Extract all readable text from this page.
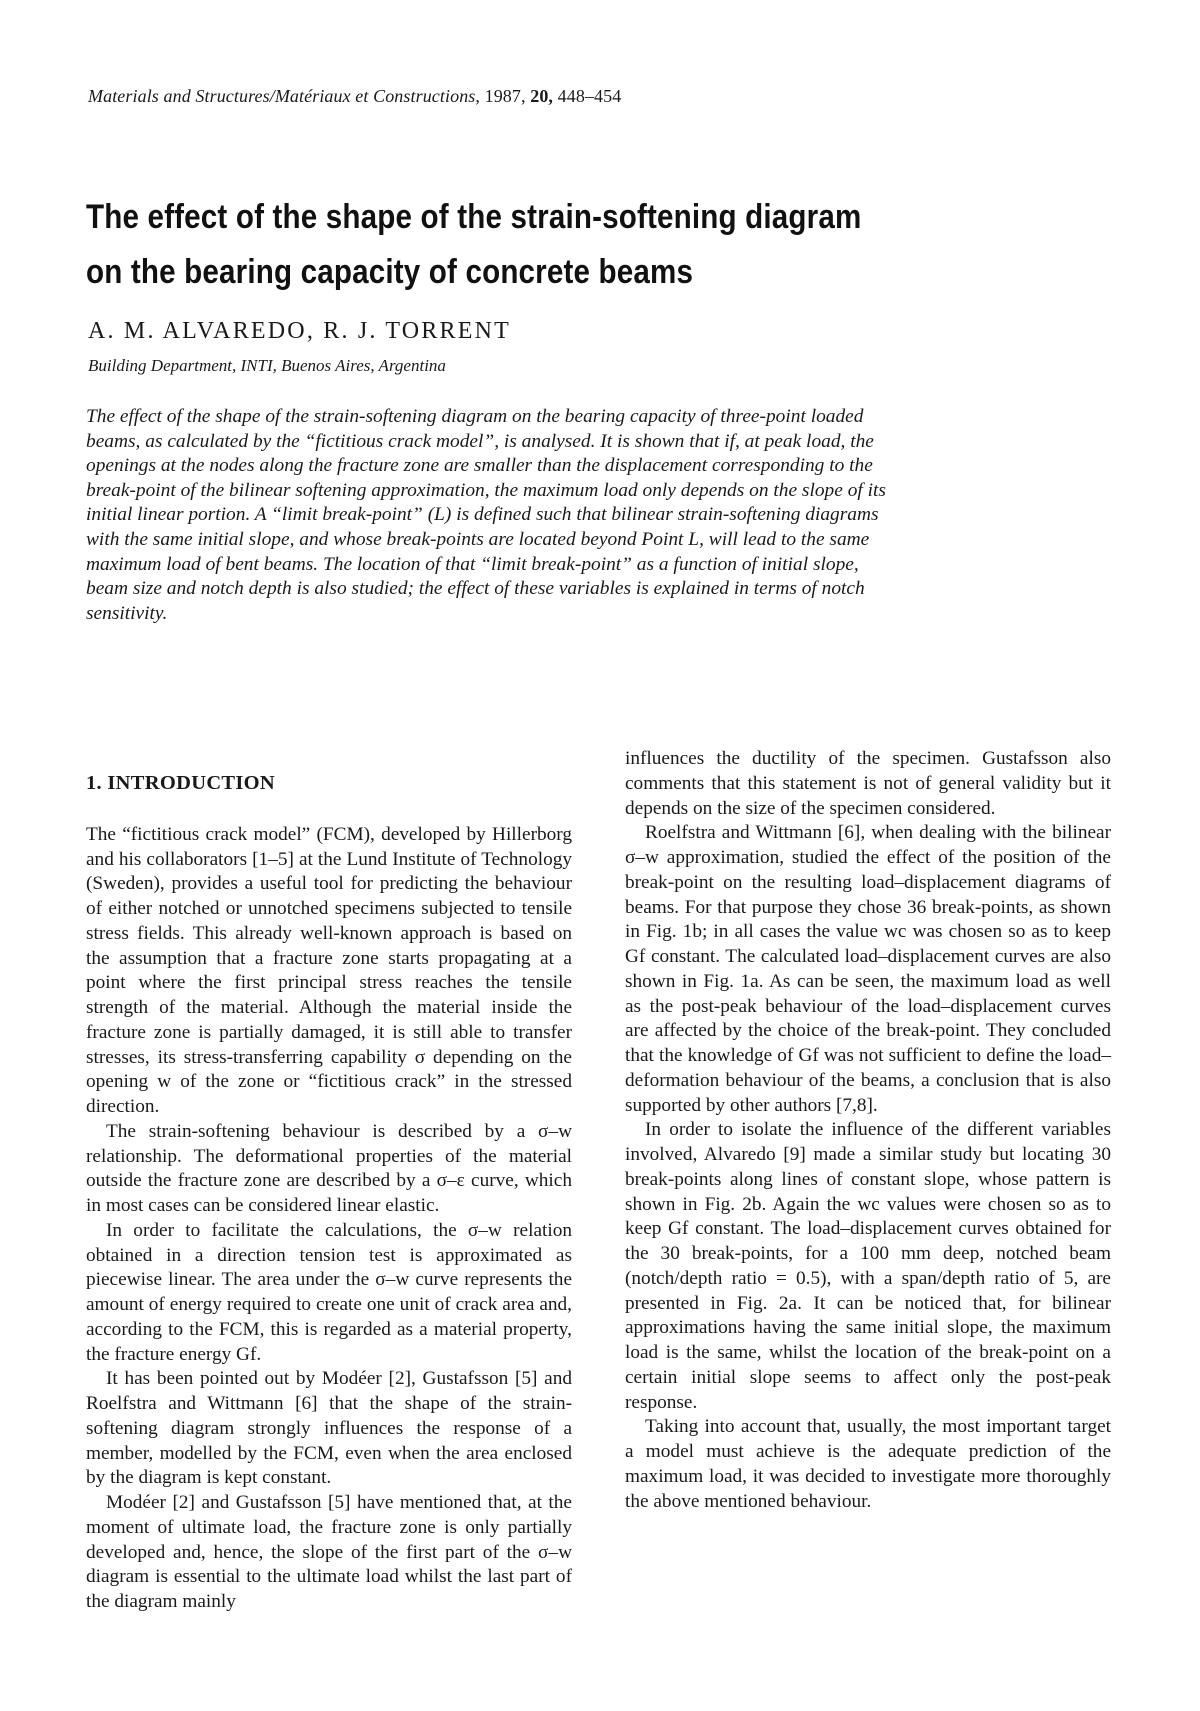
Materials and Structures/Matériaux et Constructions, 1987, 20, 448–454
The effect of the shape of the strain-softening diagram
on the bearing capacity of concrete beams
A. M. ALVAREDO, R. J. TORRENT
Building Department, INTI, Buenos Aires, Argentina
The effect of the shape of the strain-softening diagram on the bearing capacity of three-point loaded beams, as calculated by the “fictitious crack model”, is analysed. It is shown that if, at peak load, the openings at the nodes along the fracture zone are smaller than the displacement corresponding to the break-point of the bilinear softening approximation, the maximum load only depends on the slope of its initial linear portion. A “limit break-point” (L) is defined such that bilinear strain-softening diagrams with the same initial slope, and whose break-points are located beyond Point L, will lead to the same maximum load of bent beams. The location of that “limit break-point” as a function of initial slope, beam size and notch depth is also studied; the effect of these variables is explained in terms of notch sensitivity.
1. INTRODUCTION

The “fictitious crack model” (FCM), developed by Hillerborg and his collaborators [1–5] at the Lund Institute of Technology (Sweden), provides a useful tool for predicting the behaviour of either notched or unnotched specimens subjected to tensile stress fields. This already well-known approach is based on the assumption that a fracture zone starts propagating at a point where the first principal stress reaches the tensile strength of the material. Although the material inside the fracture zone is partially damaged, it is still able to transfer stresses, its stress-transferring capability σ depending on the opening w of the zone or “fictitious crack” in the stressed direction.

The strain-softening behaviour is described by a σ–w relationship. The deformational properties of the material outside the fracture zone are described by a σ–ε curve, which in most cases can be considered linear elastic.

In order to facilitate the calculations, the σ–w relation obtained in a direction tension test is approximated as piecewise linear. The area under the σ–w curve represents the amount of energy required to create one unit of crack area and, according to the FCM, this is regarded as a material property, the fracture energy Gf.

It has been pointed out by Modéer [2], Gustafsson [5] and Roelfstra and Wittmann [6] that the shape of the strain-softening diagram strongly influences the response of a member, modelled by the FCM, even when the area enclosed by the diagram is kept constant.

Modéer [2] and Gustafsson [5] have mentioned that, at the moment of ultimate load, the fracture zone is only partially developed and, hence, the slope of the first part of the σ–w diagram is essential to the ultimate load whilst the last part of the diagram mainly

influences the ductility of the specimen. Gustafsson also comments that this statement is not of general validity but it depends on the size of the specimen considered.

Roelfstra and Wittmann [6], when dealing with the bilinear σ–w approximation, studied the effect of the position of the break-point on the resulting load–displacement diagrams of beams. For that purpose they chose 36 break-points, as shown in Fig. 1b; in all cases the value wc was chosen so as to keep Gf constant. The calculated load–displacement curves are also shown in Fig. 1a. As can be seen, the maximum load as well as the post-peak behaviour of the load–displacement curves are affected by the choice of the break-point. They concluded that the knowledge of Gf was not sufficient to define the load–deformation behaviour of the beams, a conclusion that is also supported by other authors [7,8].

In order to isolate the influence of the different variables involved, Alvaredo [9] made a similar study but locating 30 break-points along lines of constant slope, whose pattern is shown in Fig. 2b. Again the wc values were chosen so as to keep Gf constant. The load–displacement curves obtained for the 30 break-points, for a 100 mm deep, notched beam (notch/depth ratio = 0.5), with a span/depth ratio of 5, are presented in Fig. 2a. It can be noticed that, for bilinear approximations having the same initial slope, the maximum load is the same, whilst the location of the break-point on a certain initial slope seems to affect only the post-peak response.

Taking into account that, usually, the most important target a model must achieve is the adequate prediction of the maximum load, it was decided to investigate more thoroughly the above mentioned behaviour.
